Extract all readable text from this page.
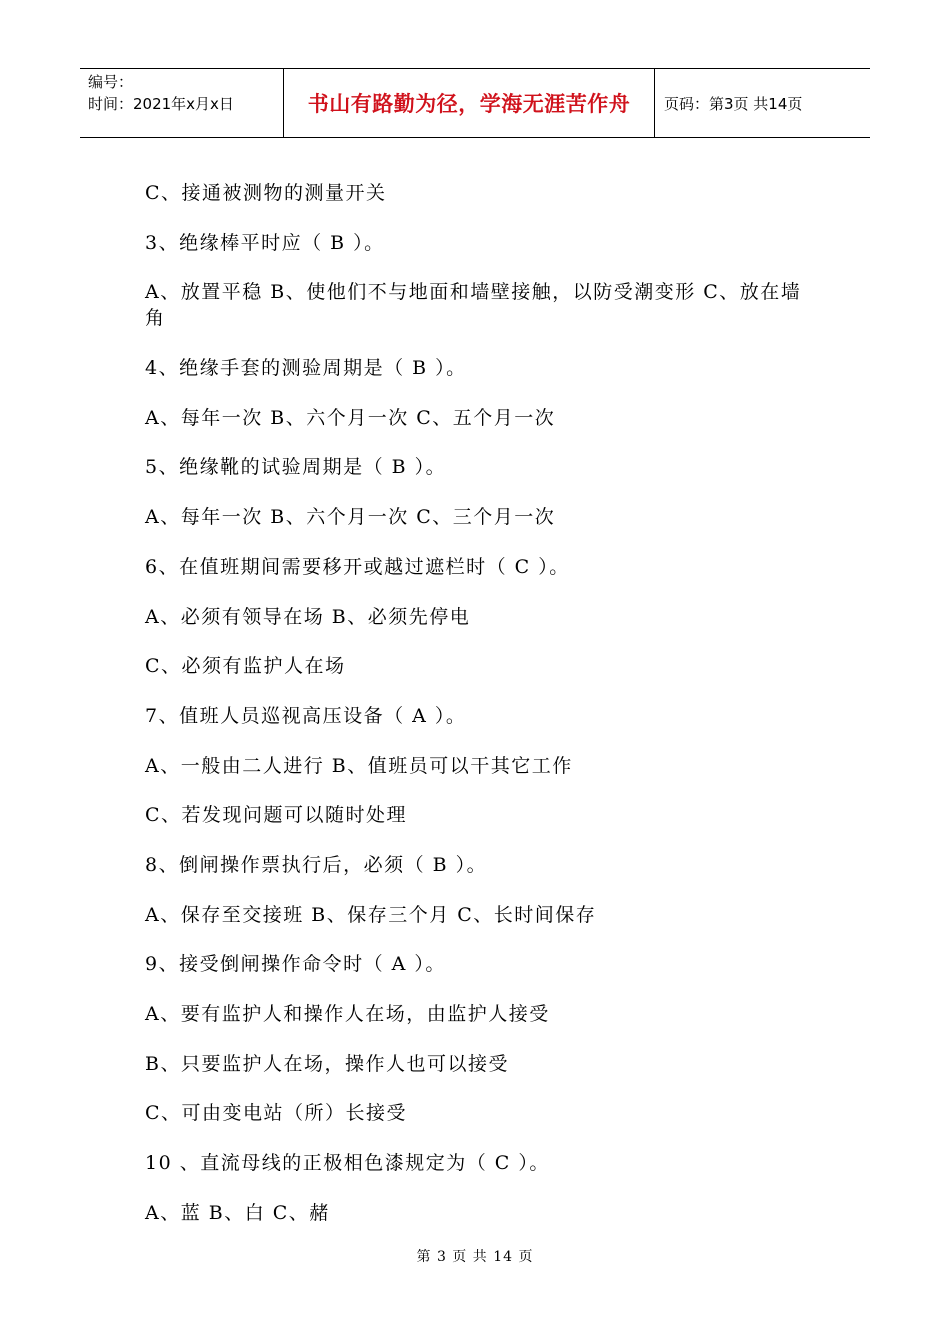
编号：
时间：2021年x月x日	书山有路勤为径，学海无涯苦作舟	页码：第3页 共14页

C、接通被测物的测量开关

3、绝缘棒平时应（ B ）。

A、放置平稳 B、使他们不与地面和墙壁接触，以防受潮变形 C、放在墙角

4、绝缘手套的测验周期是（ B ）。

A、每年一次 B、六个月一次 C、五个月一次

5、绝缘靴的试验周期是（ B ）。

A、每年一次 B、六个月一次 C、三个月一次

6、在值班期间需要移开或越过遮栏时（ C ）。

A、必须有领导在场 B、必须先停电

C、必须有监护人在场

7、值班人员巡视高压设备（ A ）。

A、一般由二人进行 B、值班员可以干其它工作

C、若发现问题可以随时处理

8、倒闸操作票执行后，必须（ B ）。

A、保存至交接班 B、保存三个月 C、长时间保存

9、接受倒闸操作命令时（ A ）。

A、要有监护人和操作人在场，由监护人接受

B、只要监护人在场，操作人也可以接受

C、可由变电站（所）长接受

10 、直流母线的正极相色漆规定为（ C ）。

A、蓝 B、白 C、赭

第 3 页 共 14 页
